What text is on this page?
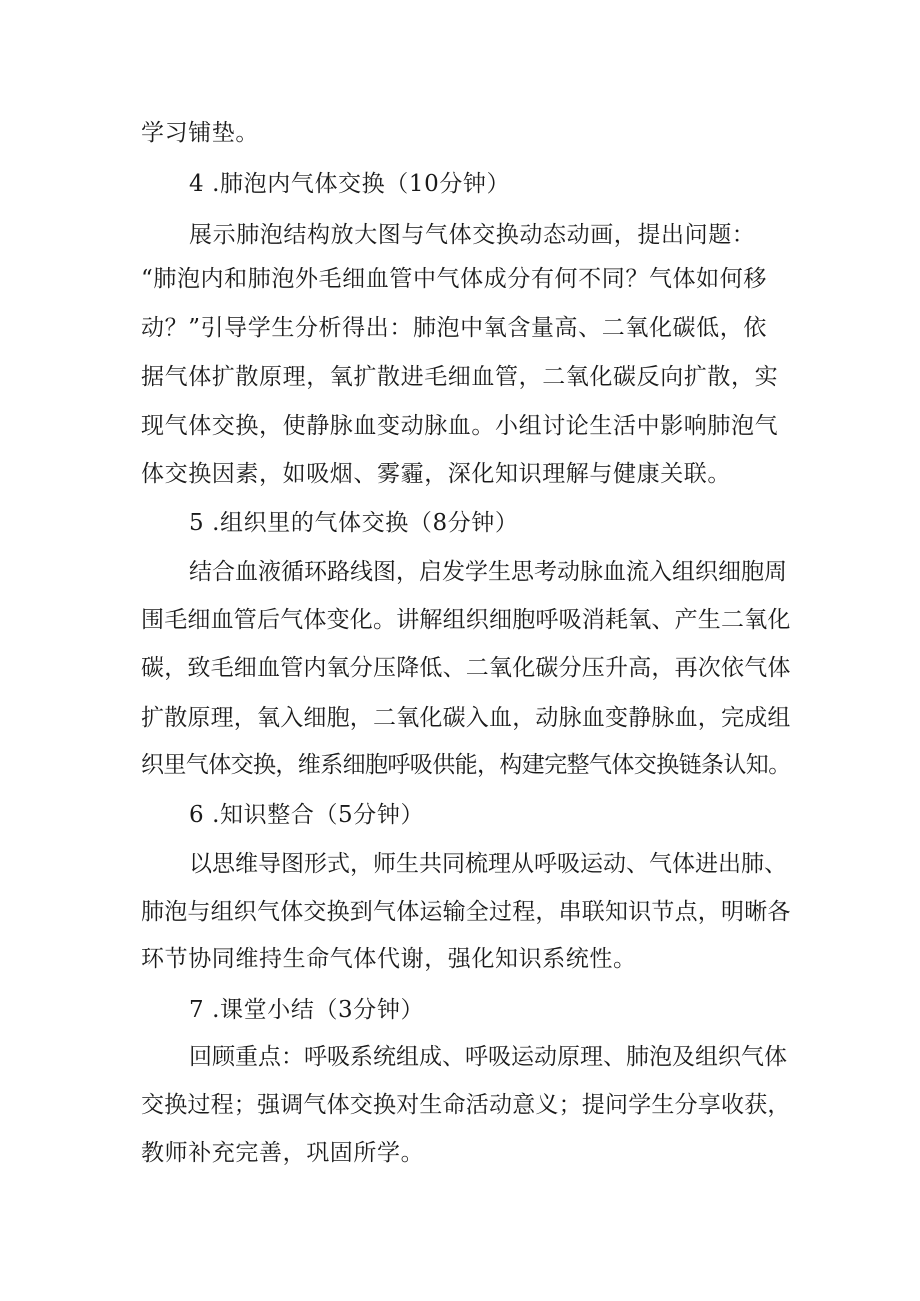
学习铺垫。
4 .肺泡内气体交换（10分钟）
展示肺泡结构放大图与气体交换动态动画，提出问题：
“肺泡内和肺泡外毛细血管中气体成分有何不同？气体如何移
动？”引导学生分析得出：肺泡中氧含量高、二氧化碳低，依
据气体扩散原理，氧扩散进毛细血管，二氧化碳反向扩散，实
现气体交换，使静脉血变动脉血。小组讨论生活中影响肺泡气
体交换因素，如吸烟、雾霾，深化知识理解与健康关联。
5 .组织里的气体交换（8分钟）
结合血液循环路线图，启发学生思考动脉血流入组织细胞周
围毛细血管后气体变化。讲解组织细胞呼吸消耗氧、产生二氧化
碳，致毛细血管内氧分压降低、二氧化碳分压升高，再次依气体
扩散原理，氧入细胞，二氧化碳入血，动脉血变静脉血，完成组
织里气体交换，维系细胞呼吸供能，构建完整气体交换链条认知。
6 .知识整合（5分钟）
以思维导图形式，师生共同梳理从呼吸运动、气体进出肺、
肺泡与组织气体交换到气体运输全过程，串联知识节点，明晰各
环节协同维持生命气体代谢，强化知识系统性。
7 .课堂小结（3分钟）
回顾重点：呼吸系统组成、呼吸运动原理、肺泡及组织气体
交换过程；强调气体交换对生命活动意义；提问学生分享收获，
教师补充完善，巩固所学。
